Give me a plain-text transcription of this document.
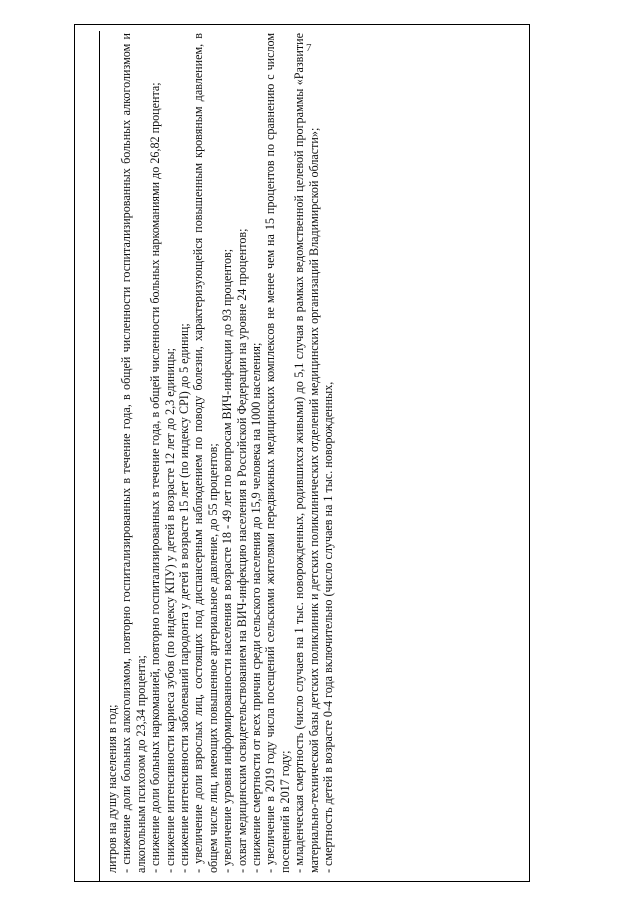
7

литров на душу населения в год; - снижение доли больных алкоголизмом, повторно госпитализированных в течение года, в общей численности госпитализированных больных алкоголизмом и алкогольным психозом до 23,34 процента; - снижение доли больных наркоманией, повторно госпитализированных в течение года, в общей численности больных наркоманиями до 26,82 процента; - снижение интенсивности кариеса зубов (по индексу КПУ) у детей в возрасте 12 лет до 2,3 единицы; - снижение интенсивности заболеваний пародонта у детей в возрасте 15 лет (по индексу CPI) до 5 единиц; - увеличение доли взрослых лиц, состоящих под диспансерным наблюдением по поводу болезни, характеризующейся повышенным кровяным давлением, в общем числе лиц, имеющих повышенное артериальное давление, до 55 процентов; - увеличение уровня информированности населения в возрасте 18 - 49 лет по вопросам ВИЧ-инфекции до 93 процентов; - охват медицинским освидетельствованием на ВИЧ-инфекцию населения в Российской Федерации на уровне 24 процентов; - снижение смертности от всех причин среди сельского населения до 15,9 человека на 1000 населения; - увеличение в 2019 году числа посещений сельскими жителями передвижных медицинских комплексов не менее чем на 15 процентов по сравнению с числом посещений в 2017 году; - младенческая смертность (число случаев на 1 тыс. новорожденных, родившихся живыми) до 5,1 случая в рамках ведомственной целевой программы «Развитие материально-технической базы детских поликлиник и детских поликлинических отделений медицинских организаций Владимирской области»; - смертность детей в возрасте 0-4 года включительно (число случаев на 1 тыс. новорожденных,
